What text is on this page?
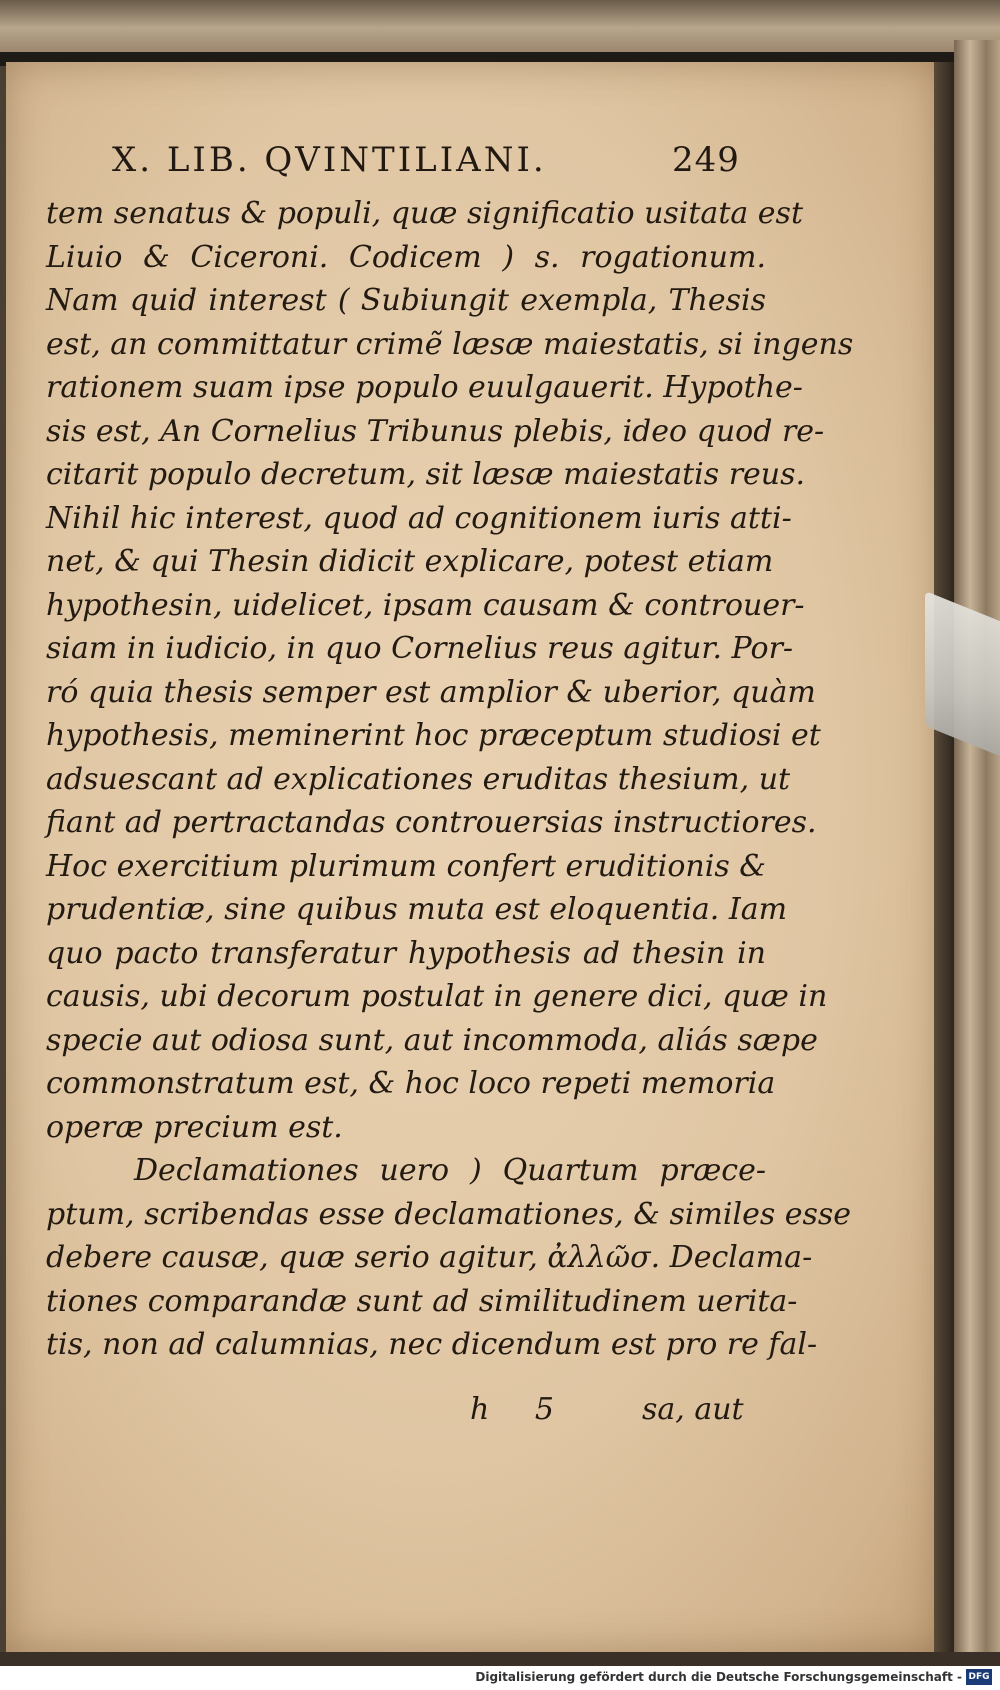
X. LIB. QVINTILIANI.	249
tem senatus & populi, quæ significatio usitata est
Liuio & Ciceroni. Codicem ) s. rogationum.
Nam quid interest ( Subiungit exempla, Thesis
est, an committatur crimẽ læsæ maiestatis, si ingens
rationem suam ipse populo euulgauerit. Hypothe-
sis est, An Cornelius Tribunus plebis, ideo quod re-
citarit populo decretum, sit læsæ maiestatis reus.
Nihil hic interest, quod ad cognitionem iuris atti-
net, & qui Thesin didicit explicare, potest etiam
hypothesin, uidelicet, ipsam causam & controuer-
siam in iudicio, in quo Cornelius reus agitur. Por-
ró quia thesis semper est amplior & uberior, quàm
hypothesis, meminerint hoc præceptum studiosi et
adsuescant ad explicationes eruditas thesium, ut
fiant ad pertractandas controuersias instructiores.
Hoc exercitium plurimum confert eruditionis &
prudentiæ, sine quibus muta est eloquentia. Iam
quo pacto transferatur hypothesis ad thesin in
causis, ubi decorum postulat in genere dici, quæ in
specie aut odiosa sunt, aut incommoda, aliás sæpe
commonstratum est, & hoc loco repeti memoria
operæ precium est.
Declamationes uero ) Quartum præce-
ptum, scribendas esse declamationes, & similes esse
debere causæ, quæ serio agitur, ἀλλῶσ. Declama-
tiones comparandæ sunt ad similitudinem uerita-
tis, non ad calumnias, nec dicendum est pro re fal-
h 5 sa, aut
Digitalisierung gefördert durch die Deutsche Forschungsgemeinschaft - DFG
